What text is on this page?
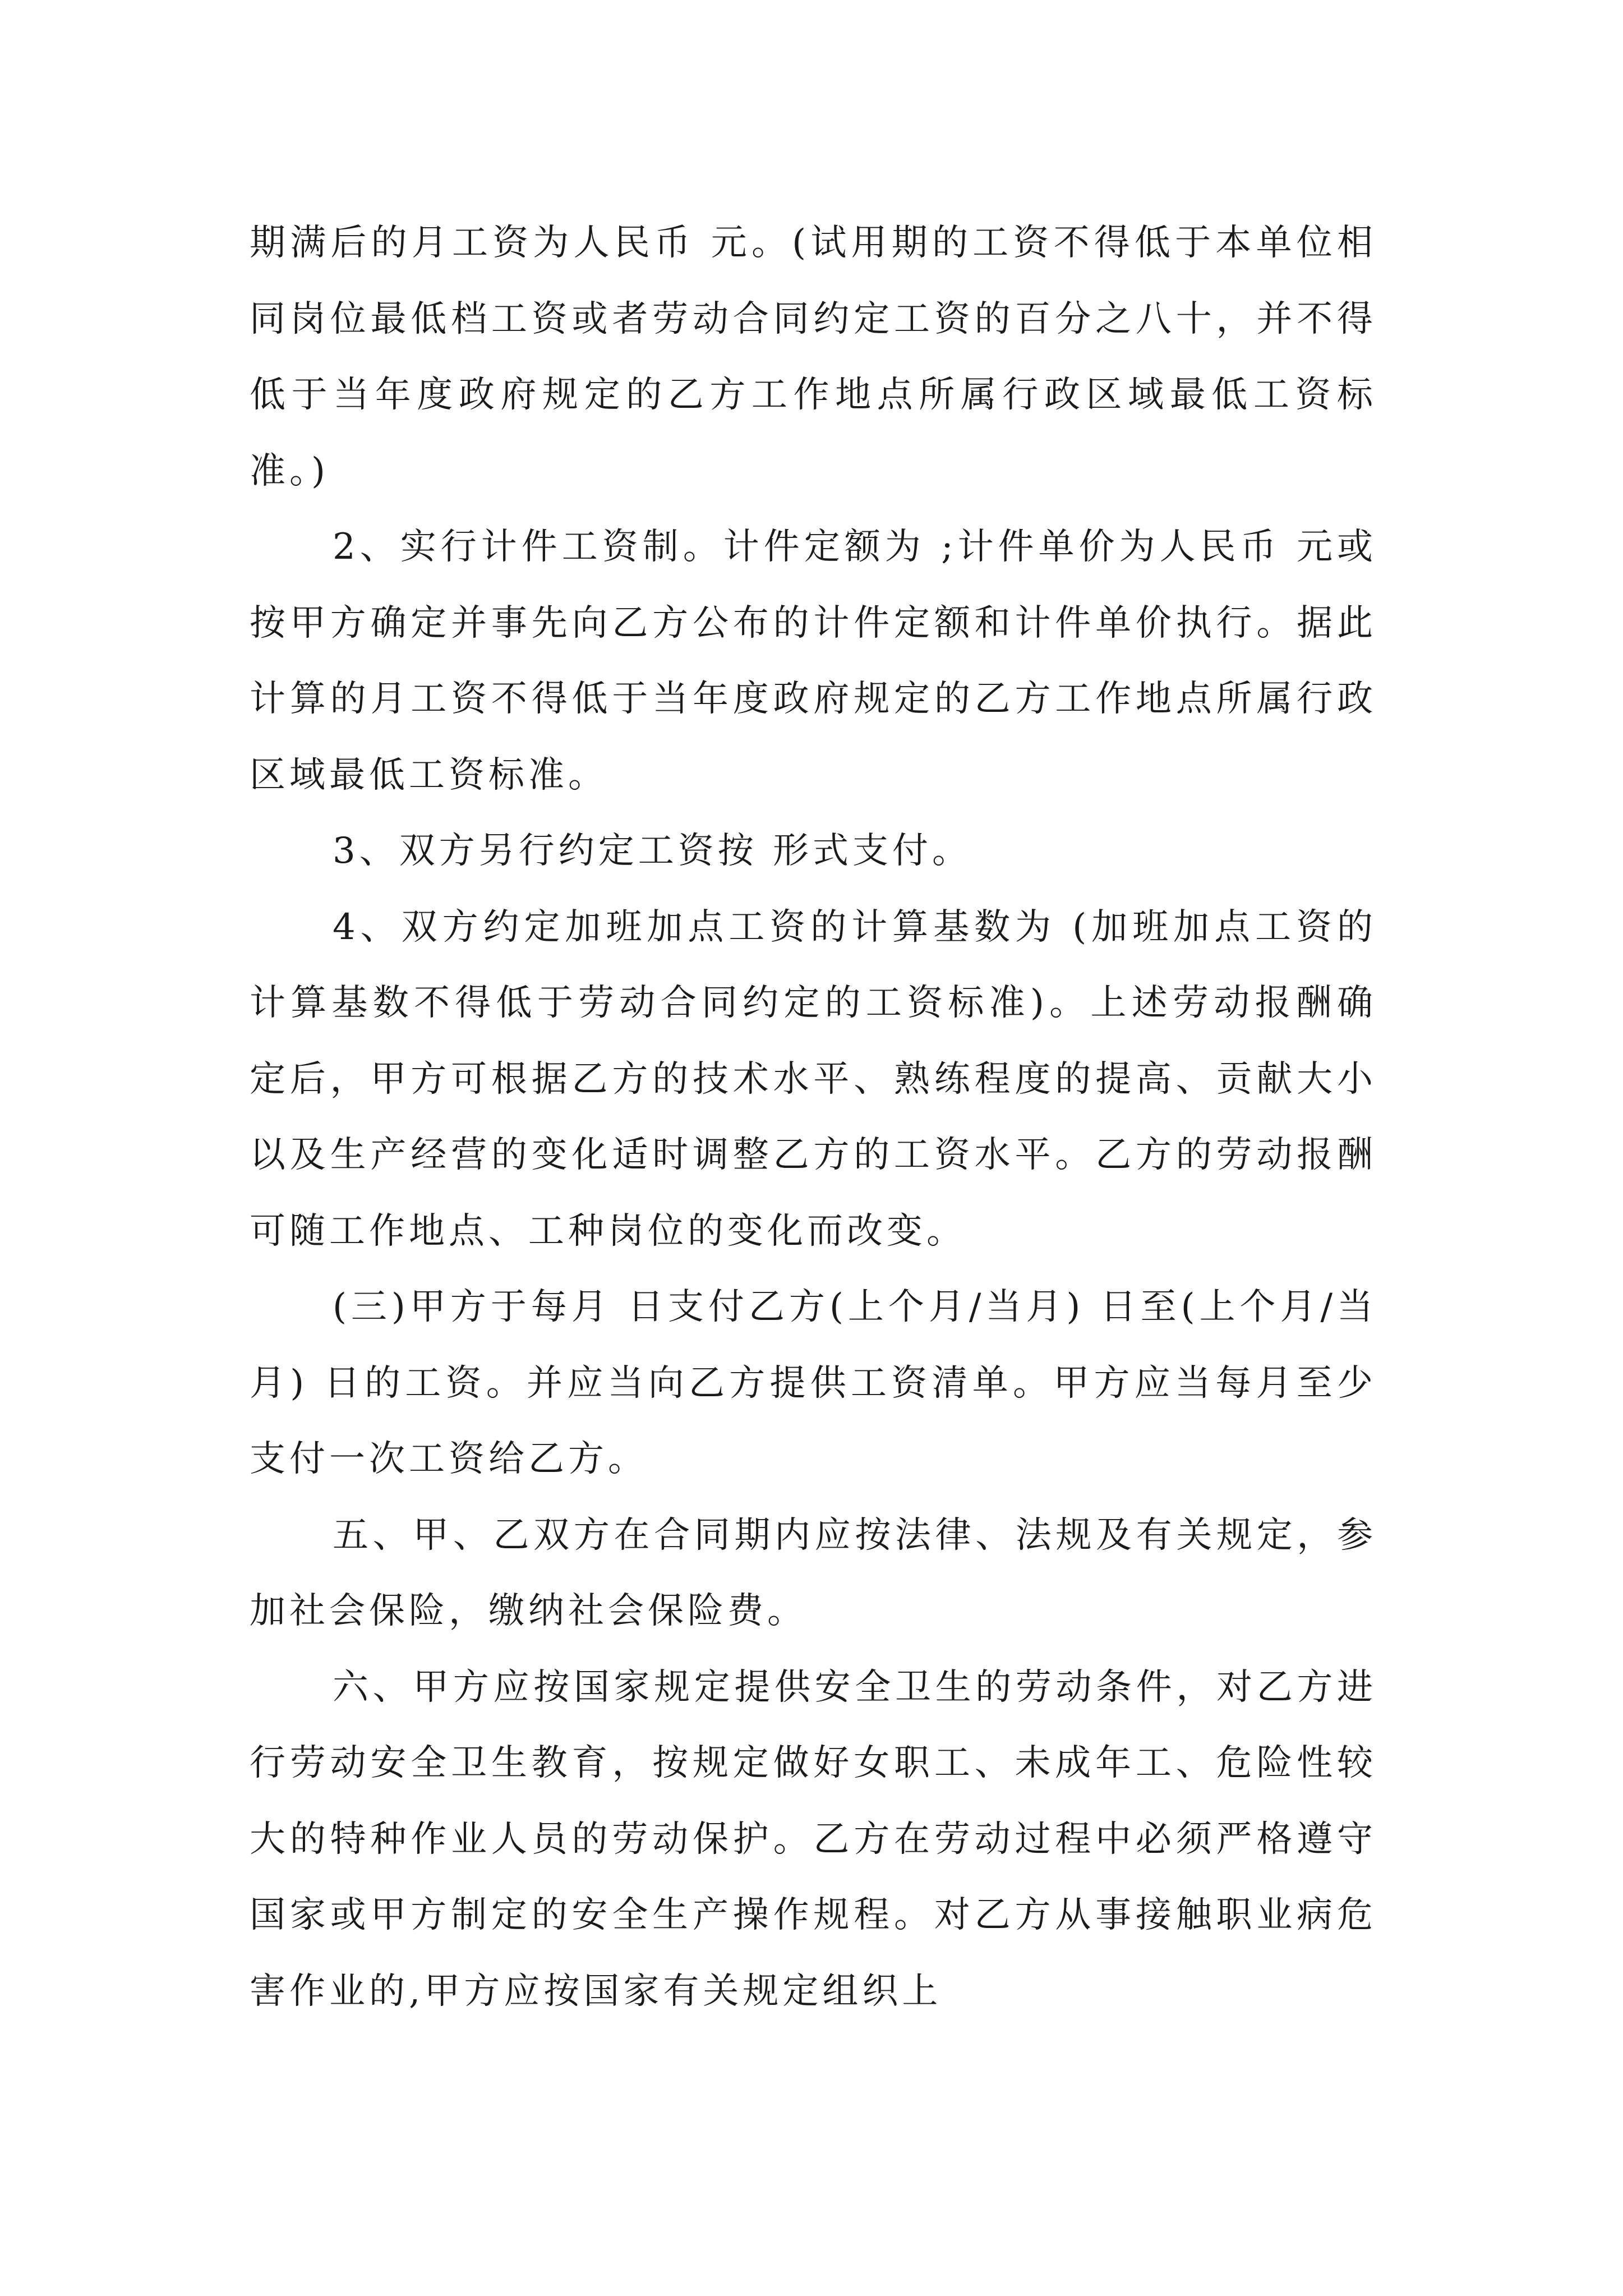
期满后的月工资为人民币 元。(试用期的工资不得低于本单位相同岗位最低档工资或者劳动合同约定工资的百分之八十，并不得低于当年度政府规定的乙方工作地点所属行政区域最低工资标准。)

2、实行计件工资制。计件定额为 ;计件单价为人民币 元或按甲方确定并事先向乙方公布的计件定额和计件单价执行。据此计算的月工资不得低于当年度政府规定的乙方工作地点所属行政区域最低工资标准。

3、双方另行约定工资按 形式支付。

4、双方约定加班加点工资的计算基数为 (加班加点工资的计算基数不得低于劳动合同约定的工资标准)。上述劳动报酬确定后，甲方可根据乙方的技术水平、熟练程度的提高、贡献大小以及生产经营的变化适时调整乙方的工资水平。乙方的劳动报酬可随工作地点、工种岗位的变化而改变。

(三)甲方于每月 日支付乙方(上个月/当月) 日至(上个月/当月) 日的工资。并应当向乙方提供工资清单。甲方应当每月至少支付一次工资给乙方。

五、甲、乙双方在合同期内应按法律、法规及有关规定，参加社会保险，缴纳社会保险费。

六、甲方应按国家规定提供安全卫生的劳动条件，对乙方进行劳动安全卫生教育，按规定做好女职工、未成年工、危险性较大的特种作业人员的劳动保护。乙方在劳动过程中必须严格遵守国家或甲方制定的安全生产操作规程。对乙方从事接触职业病危害作业的,甲方应按国家有关规定组织上
